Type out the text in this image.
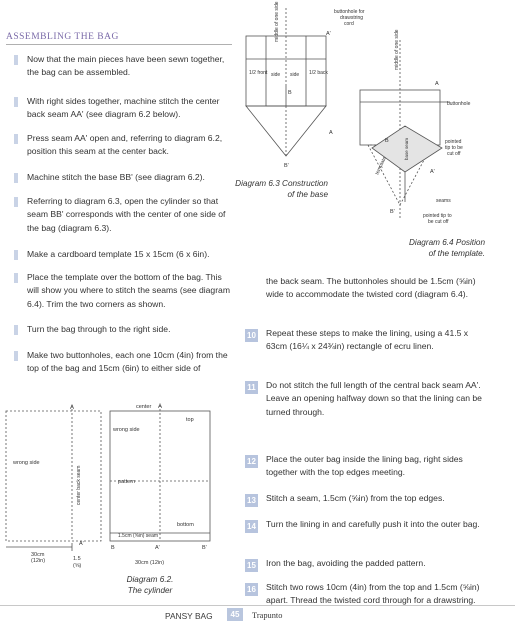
ASSEMBLING THE BAG
Now that the main pieces have been sewn together, the bag can be assembled.
With right sides together, machine stitch the center back seam AA' (see diagram 6.2 below).
Press seam AA' open and, referring to diagram 6.2, position this seam at the center back.
Machine stitch the base BB' (see diagram 6.2).
Referring to diagram 6.3, open the cylinder so that seam BB' corresponds with the center of one side of the bag (diagram 6.3).
Make a cardboard template 15 x 15cm (6 x 6in).
Place the template over the bottom of the bag. This will show you where to stitch the seams (see diagram 6.4). Trim the two corners as shown.
Turn the bag through to the right side.
Make two buttonholes, each one 10cm (4in) from the top of the bag and 15cm (6in) to either side of
the back seam. The buttonholes should be 1.5cm (⅝in) wide to accommodate the twisted cord (diagram 6.4).
10 Repeat these steps to make the lining, using a 41.5 x 63cm (16¼ x 24¾in) rectangle of ecru linen.
11 Do not stitch the full length of the central back seam AA'. Leave an opening halfway down so that the lining can be turned through.
12 Place the outer bag inside the lining bag, right sides together with the top edges meeting.
13 Stitch a seam, 1.5cm (⅝in) from the top edges.
14 Turn the lining in and carefully push it into the outer bag.
15 Iron the bag, avoiding the padded pattern.
16 Stitch two rows 10cm (4in) from the top and 1.5cm (⅝in) apart. Thread the twisted cord through for a drawstring.
middle of one side	A'
buttonhole for
drawstring
cord
1/2 front side side 1/2 back
A
B
B'
Diagram 6.3 Construction
of the base
middle of one side
A
buttonhole
pointed
tip to be
cut off
template
base seam
A'
B
B'
seams
pointed tip to
be cut off
Diagram 6.4 Position
of the template.
A	center A
top
wrong side
wrong side
center back seam	pattern
bottom
1.5cm (⅝in) seam
A'
B	A'	B'
30cm
(12in)	1.5
(⅝)	30cm (12in)
Diagram 6.2.
The cylinder
PANSY BAG	45	Trapunto
